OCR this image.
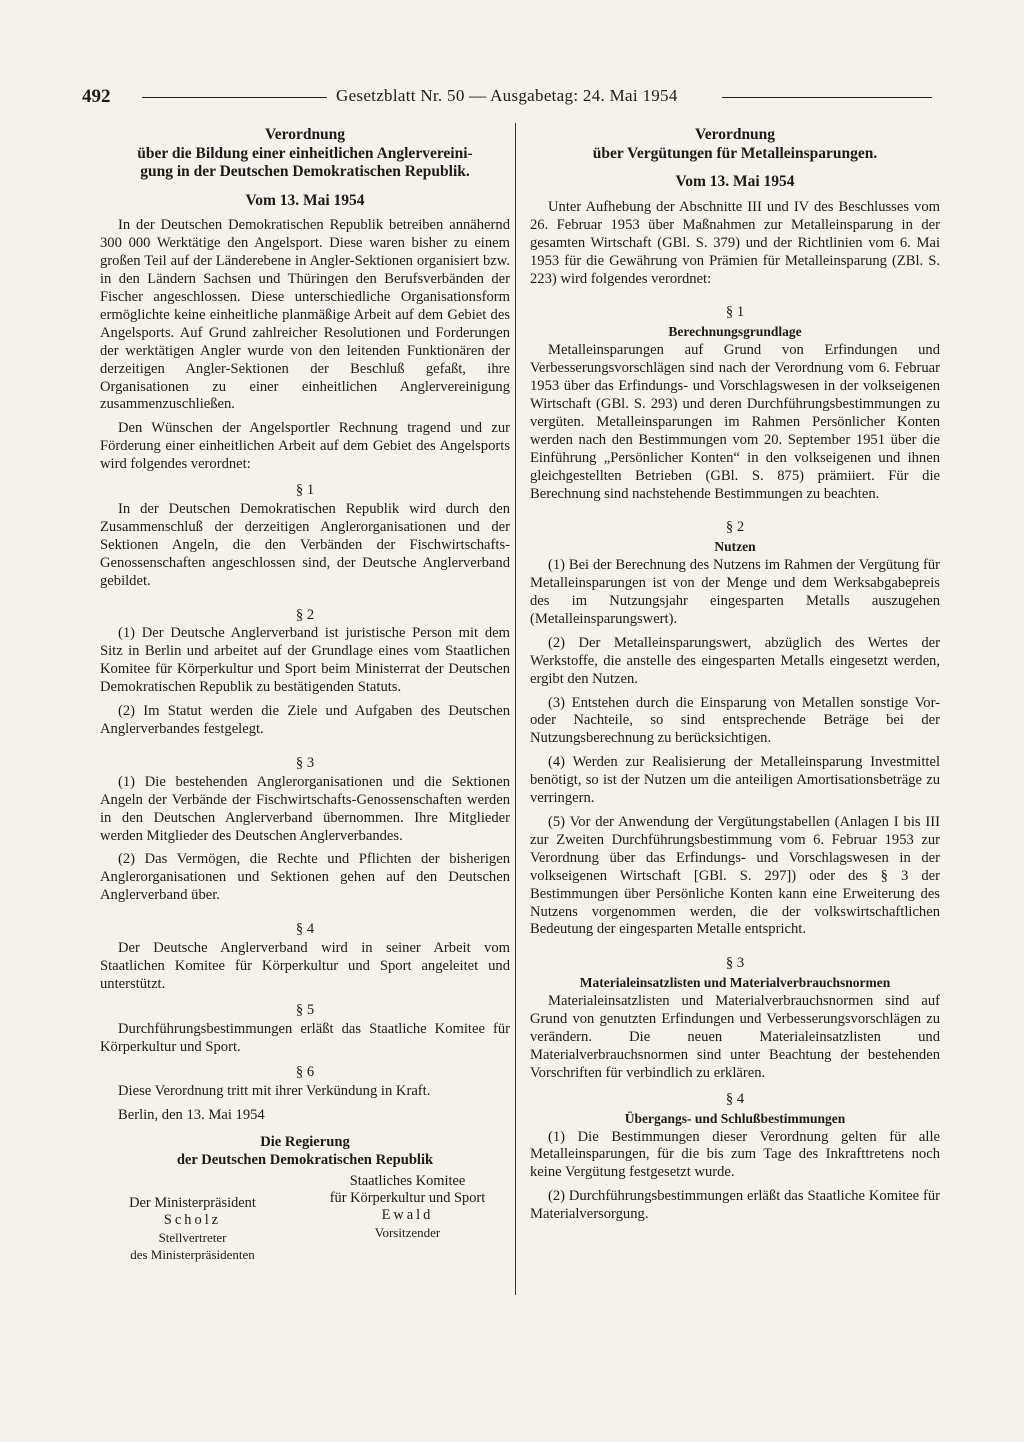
492	Gesetzblatt Nr. 50 — Ausgabetag: 24. Mai 1954
Verordnung
über die Bildung einer einheitlichen Anglervereini-
gung in der Deutschen Demokratischen Republik.
Vom 13. Mai 1954

In der Deutschen Demokratischen Republik betreiben annähernd 300 000 Werktätige den Angelsport. Diese waren bisher zu einem großen Teil auf der Länderebene in Angler-Sektionen organisiert bzw. in den Ländern Sachsen und Thüringen den Berufsverbänden der Fischer angeschlossen. Diese unterschiedliche Organisationsform ermöglichte keine einheitliche planmäßige Arbeit auf dem Gebiet des Angelsports. Auf Grund zahlreicher Resolutionen und Forderungen der werktätigen Angler wurde von den leitenden Funktionären der derzeitigen Angler-Sektionen der Beschluß gefaßt, ihre Organisationen zu einer einheitlichen Anglervereinigung zusammenzuschließen.

Den Wünschen der Angelsportler Rechnung tragend und zur Förderung einer einheitlichen Arbeit auf dem Gebiet des Angelsports wird folgendes verordnet:

§ 1

In der Deutschen Demokratischen Republik wird durch den Zusammenschluß der derzeitigen Anglerorganisationen und der Sektionen Angeln, die den Verbänden der Fischwirtschafts-Genossenschaften angeschlossen sind, der Deutsche Anglerverband gebildet.

§ 2

(1) Der Deutsche Anglerverband ist juristische Person mit dem Sitz in Berlin und arbeitet auf der Grundlage eines vom Staatlichen Komitee für Körperkultur und Sport beim Ministerrat der Deutschen Demokratischen Republik zu bestätigenden Statuts.

(2) Im Statut werden die Ziele und Aufgaben des Deutschen Anglerverbandes festgelegt.

§ 3

(1) Die bestehenden Anglerorganisationen und die Sektionen Angeln der Verbände der Fischwirtschafts-Genossenschaften werden in den Deutschen Anglerverband übernommen. Ihre Mitglieder werden Mitglieder des Deutschen Anglerverbandes.

(2) Das Vermögen, die Rechte und Pflichten der bisherigen Anglerorganisationen und Sektionen gehen auf den Deutschen Anglerverband über.

§ 4

Der Deutsche Anglerverband wird in seiner Arbeit vom Staatlichen Komitee für Körperkultur und Sport angeleitet und unterstützt.

§ 5

Durchführungsbestimmungen erläßt das Staatliche Komitee für Körperkultur und Sport.

§ 6

Diese Verordnung tritt mit ihrer Verkündung in Kraft.

Berlin, den 13. Mai 1954
Die Regierung
der Deutschen Demokratischen Republik
Der Ministerpräsident
Scholz
Stellvertreter
des Ministerpräsidenten
Staatliches Komitee
für Körperkultur und Sport
Ewald
Vorsitzender
Verordnung
über Vergütungen für Metalleinsparungen.
Vom 13. Mai 1954

Unter Aufhebung der Abschnitte III und IV des Beschlusses vom 26. Februar 1953 über Maßnahmen zur Metalleinsparung in der gesamten Wirtschaft (GBl. S. 379) und der Richtlinien vom 6. Mai 1953 für die Gewährung von Prämien für Metalleinsparung (ZBl. S. 223) wird folgendes verordnet:

§ 1
Berechnungsgrundlage

Metalleinsparungen auf Grund von Erfindungen und Verbesserungsvorschlägen sind nach der Verordnung vom 6. Februar 1953 über das Erfindungs- und Vorschlagswesen in der volkseigenen Wirtschaft (GBl. S. 293) und deren Durchführungsbestimmungen zu vergüten. Metalleinsparungen im Rahmen Persönlicher Konten werden nach den Bestimmungen vom 20. September 1951 über die Einführung „Persönlicher Konten“ in den volkseigenen und ihnen gleichgestellten Betrieben (GBl. S. 875) prämiiert. Für die Berechnung sind nachstehende Bestimmungen zu beachten.

§ 2
Nutzen

(1) Bei der Berechnung des Nutzens im Rahmen der Vergütung für Metalleinsparungen ist von der Menge und dem Werksabgabepreis des im Nutzungsjahr eingesparten Metalls auszugehen (Metalleinsparungswert).

(2) Der Metalleinsparungswert, abzüglich des Wertes der Werkstoffe, die anstelle des eingesparten Metalls eingesetzt werden, ergibt den Nutzen.

(3) Entstehen durch die Einsparung von Metallen sonstige Vor- oder Nachteile, so sind entsprechende Beträge bei der Nutzungsberechnung zu berücksichtigen.

(4) Werden zur Realisierung der Metalleinsparung Investmittel benötigt, so ist der Nutzen um die anteiligen Amortisationsbeträge zu verringern.

(5) Vor der Anwendung der Vergütungstabellen (Anlagen I bis III zur Zweiten Durchführungsbestimmung vom 6. Februar 1953 zur Verordnung über das Erfindungs- und Vorschlagswesen in der volkseigenen Wirtschaft [GBl. S. 297]) oder des § 3 der Bestimmungen über Persönliche Konten kann eine Erweiterung des Nutzens vorgenommen werden, die der volkswirtschaftlichen Bedeutung der eingesparten Metalle entspricht.

§ 3
Materialeinsatzlisten und Materialverbrauchsnormen

Materialeinsatzlisten und Materialverbrauchsnormen sind auf Grund von genutzten Erfindungen und Verbesserungsvorschlägen zu verändern. Die neuen Materialeinsatzlisten und Materialverbrauchsnormen sind unter Beachtung der bestehenden Vorschriften für verbindlich zu erklären.

§ 4
Übergangs- und Schlußbestimmungen

(1) Die Bestimmungen dieser Verordnung gelten für alle Metalleinsparungen, für die bis zum Tage des Inkrafttretens noch keine Vergütung festgesetzt wurde.

(2) Durchführungsbestimmungen erläßt das Staatliche Komitee für Materialversorgung.
